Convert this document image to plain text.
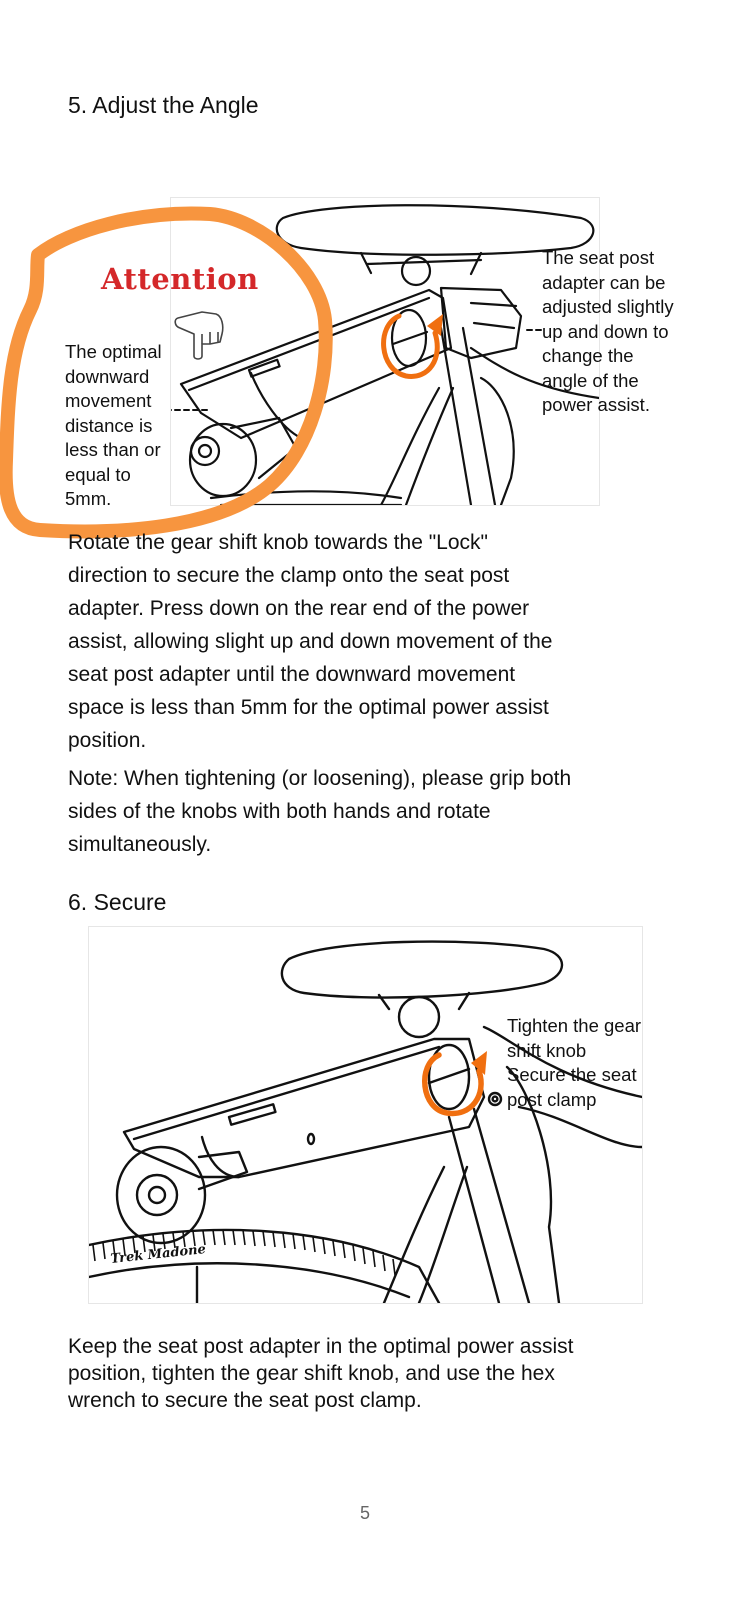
5. Adjust the Angle
Attention
The optimal
downward
movement
distance is
less than or
equal to
5mm.
The seat post
adapter can be
adjusted slightly
up and down to
change the
angle of the
power assist.
Rotate the gear shift knob towards the "Lock"
direction to secure the clamp onto the seat post
adapter. Press down on the rear end of the power
assist, allowing slight up and down movement of the
seat post adapter until the downward movement
space is less than 5mm for the optimal power assist
position.
Note: When tightening (or loosening), please grip both
sides of the knobs with both hands and rotate
simultaneously.
6. Secure
Trek Madone
Tighten the gear
shift knob
Secure the seat
post clamp
Keep the seat post adapter in the optimal power assist
position, tighten the gear shift knob, and use the hex
wrench to secure the seat post clamp.
5
